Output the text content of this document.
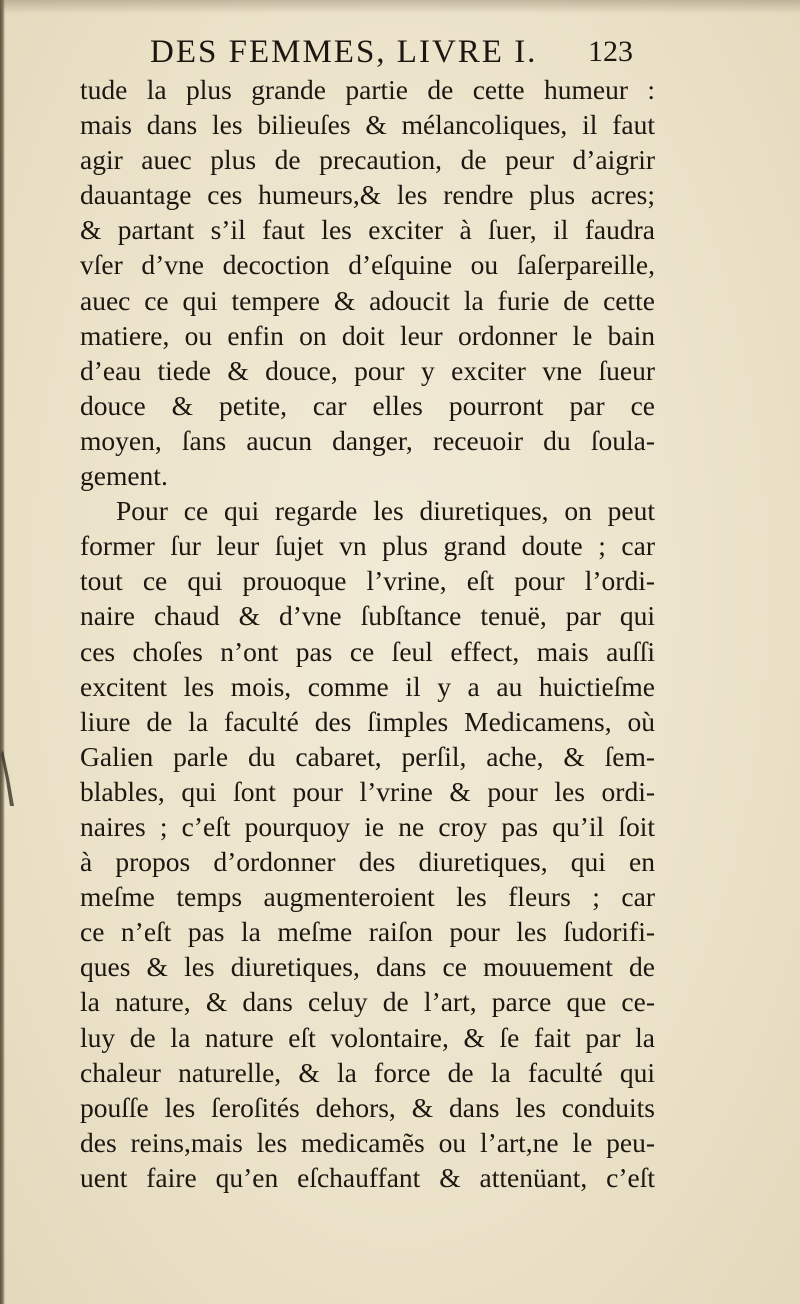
DES FEMMES, LIVRE I.	123
tude la plus grande partie de cette humeur :
mais dans les bilieuſes & mélancoliques, il faut
agir auec plus de precaution, de peur d’aigrir
dauantage ces humeurs,& les rendre plus acres;
& partant s’il faut les exciter à ſuer, il faudra
vſer d’vne decoction d’eſquine ou ſaſerpareille,
auec ce qui tempere & adoucit la furie de cette
matiere, ou enfin on doit leur ordonner le bain
d’eau tiede & douce, pour y exciter vne ſueur
douce & petite, car elles pourront par ce
moyen, ſans aucun danger, receuoir du ſoula-
gement.
Pour ce qui regarde les diuretiques, on peut
former ſur leur ſujet vn plus grand doute ; car
tout ce qui prouoque l’vrine, eſt pour l’ordi-
naire chaud & d’vne ſubſtance tenuë, par qui
ces choſes n’ont pas ce ſeul effect, mais auſſi
excitent les mois, comme il y a au huictieſme
liure de la faculté des ſimples Medicamens, où
Galien parle du cabaret, perſil, ache, & ſem-
blables, qui ſont pour l’vrine & pour les ordi-
naires ; c’eſt pourquoy ie ne croy pas qu’il ſoit
à propos d’ordonner des diuretiques, qui en
meſme temps augmenteroient les fleurs ; car
ce n’eſt pas la meſme raiſon pour les ſudorifi-
ques & les diuretiques, dans ce mouuement de
la nature, & dans celuy de l’art, parce que ce-
luy de la nature eſt volontaire, & ſe fait par la
chaleur naturelle, & la force de la faculté qui
pouſſe les ſeroſités dehors, & dans les conduits
des reins,mais les medicamẽs ou l’art,ne le peu-
uent faire qu’en eſchauffant & attenüant, c’eſt
